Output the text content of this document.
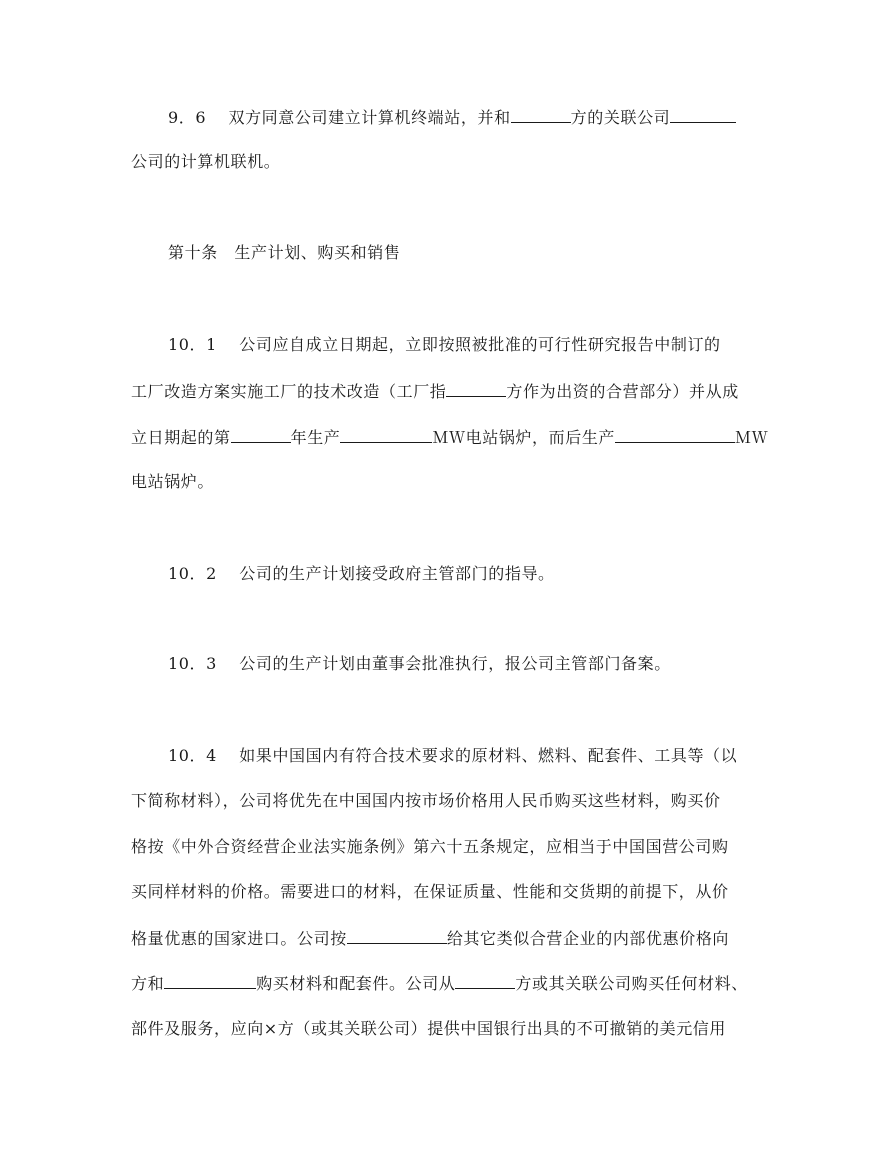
9．6　 双方同意公司建立计算机终端站，并和	方的关联公司
公司的计算机联机。
第十条　生产计划、购买和销售
10．1　 公司应自成立日期起，立即按照被批准的可行性研究报告中制订的
工厂改造方案实施工厂的技术改造（工厂指	方作为出资的合营部分）并从成
立日期起的第	年生产	ＭＷ电站锅炉，而后生产	ＭＷ
电站锅炉。
10．2　 公司的生产计划接受政府主管部门的指导。
10．3　 公司的生产计划由董事会批准执行，报公司主管部门备案。
10．4　 如果中国国内有符合技术要求的原材料、燃料、配套件、工具等（以
下简称材料），公司将优先在中国国内按市场价格用人民币购买这些材料，购买价
格按《中外合资经营企业法实施条例》第六十五条规定，应相当于中国国营公司购
买同样材料的价格。需要进口的材料，在保证质量、性能和交货期的前提下，从价
格量优惠的国家进口。公司按	给其它类似合营企业的内部优惠价格向
方和	购买材料和配套件。公司从	方或其关联公司购买任何材料、
部件及服务，应向×方（或其关联公司）提供中国银行出具的不可撤销的美元信用
